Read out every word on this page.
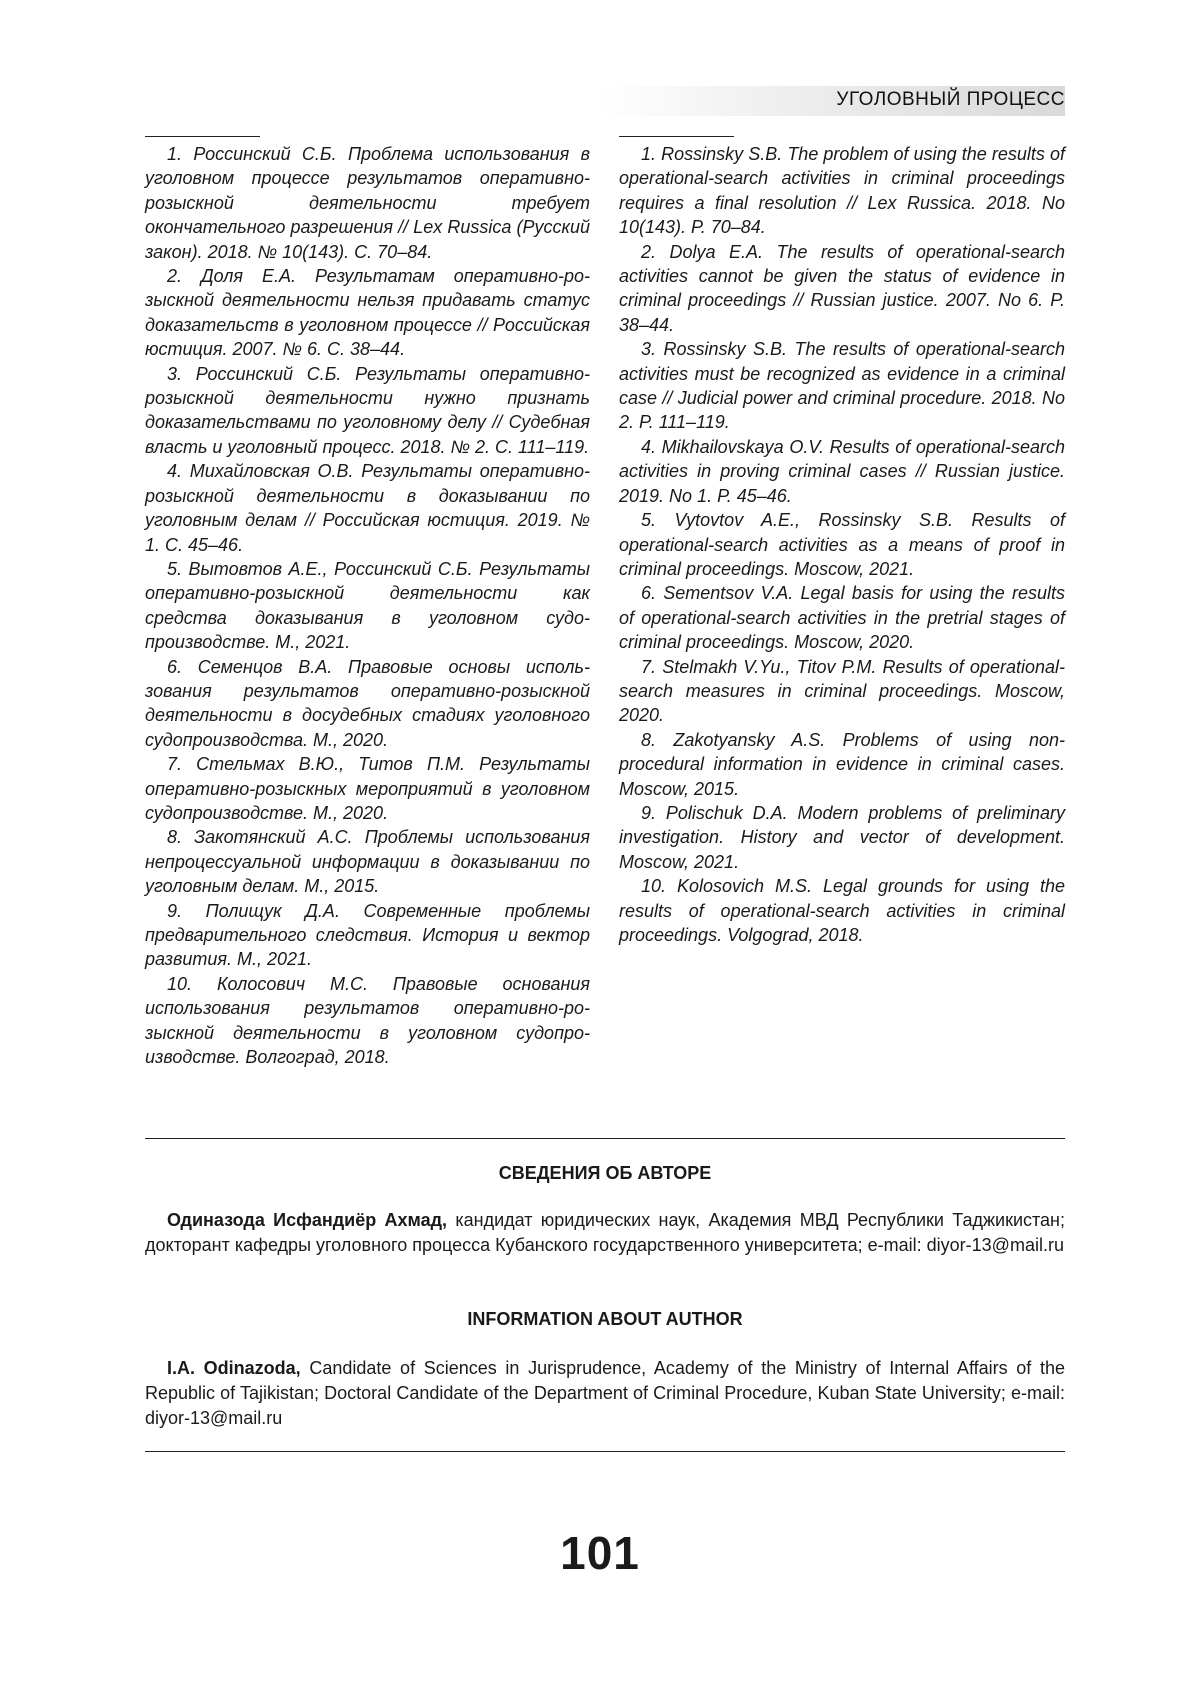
УГОЛОВНЫЙ ПРОЦЕСС

1. Россинский С.Б. Проблема использования в уголовном процессе результатов оперативно-розыскной деятельности требует окончательного разрешения // Lex Russica (Русский закон). 2018. № 10(143). С. 70–84.

2. Доля Е.А. Результатам оперативно-розыскной деятельности нельзя придавать статус доказательств в уголовном процессе // Российская юстиция. 2007. № 6. С. 38–44.

3. Россинский С.Б. Результаты оперативно-розыскной деятельности нужно признать доказательствами по уголовному делу // Судебная власть и уголовный процесс. 2018. № 2. С. 111–119.

4. Михайловская О.В. Результаты оперативно-розыскной деятельности в доказывании по уголовным делам // Российская юстиция. 2019. № 1. С. 45–46.

5. Вытовтов А.Е., Россинский С.Б. Результаты оперативно-розыскной деятельности как средства доказывания в уголовном судопроизводстве. М., 2021.

6. Семенцов В.А. Правовые основы использования результатов оперативно-розыскной деятельности в досудебных стадиях уголовного судопроизводства. М., 2020.

7. Стельмах В.Ю., Титов П.М. Результаты оперативно-розыскных мероприятий в уголовном судопроизводстве. М., 2020.

8. Закотянский А.С. Проблемы использования непроцессуальной информации в доказывании по уголовным делам. М., 2015.

9. Полищук Д.А. Современные проблемы предварительного следствия. История и вектор развития. М., 2021.

10. Колосович М.С. Правовые основания использования результатов оперативно-розыскной деятельности в уголовном судопроизводстве. Волгоград, 2018.

1. Rossinsky S.B. The problem of using the results of operational-search activities in criminal proceedings requires a final resolution // Lex Russica. 2018. No 10(143). P. 70–84.

2. Dolya E.A. The results of operational-search activities cannot be given the status of evidence in criminal proceedings // Russian justice. 2007. No 6. P. 38–44.

3. Rossinsky S.B. The results of operational-search activities must be recognized as evidence in a criminal case // Judicial power and criminal procedure. 2018. No 2. P. 111–119.

4. Mikhailovskaya O.V. Results of operational-search activities in proving criminal cases // Russian justice. 2019. No 1. P. 45–46.

5. Vytovtov A.E., Rossinsky S.B. Results of operational-search activities as a means of proof in criminal proceedings. Moscow, 2021.

6. Sementsov V.A. Legal basis for using the results of operational-search activities in the pretrial stages of criminal proceedings. Moscow, 2020.

7. Stelmakh V.Yu., Titov P.M. Results of operational-search measures in criminal proceedings. Moscow, 2020.

8. Zakotyansky A.S. Problems of using nonprocedural information in evidence in criminal cases. Moscow, 2015.

9. Polischuk D.A. Modern problems of preliminary investigation. History and vector of development. Moscow, 2021.

10. Kolosovich M.S. Legal grounds for using the results of operational-search activities in criminal proceedings. Volgograd, 2018.

СВЕДЕНИЯ ОБ АВТОРЕ

Одиназода Исфандиёр Ахмад, кандидат юридических наук, Академия МВД Республики Таджикистан; докторант кафедры уголовного процесса Кубанского государственного университета; e-mail: diyor-13@mail.ru

INFORMATION ABOUT AUTHOR

I.A. Odinazoda, Candidate of Sciences in Jurisprudence, Academy of the Ministry of Internal Affairs of the Republic of Tajikistan; Doctoral Candidate of the Department of Criminal Procedure, Kuban State University; e-mail: diyor-13@mail.ru

101
